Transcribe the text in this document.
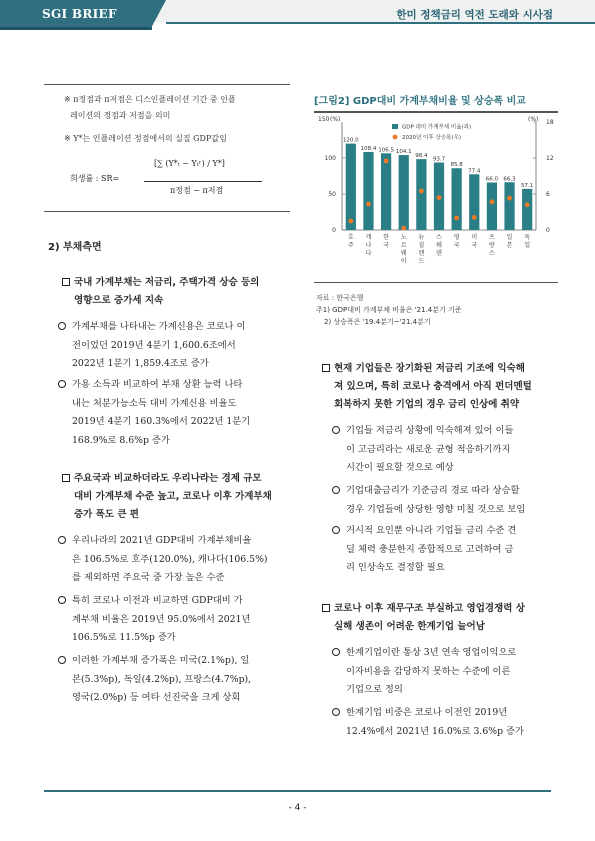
SGI BRIEF	한미 정책금리 역전 도래와 시사점
※ π정점과 π저점은 디스인플레이션 기간 중 인플
레이션의 정점과 저점을 의미
※ Y*는 인플레이션 정점에서의 실질 GDP값임
희생률 : SR=
[∑ (Y*ₜ − Yₜʳ) / Y*]
π정점 − π저점
2) 부채측면
국내 가계부채는 저금리, 주택가격 상승 등의
영향으로 증가세 지속
가계부채를 나타내는 가계신용은 코로나 이
전이었던 2019년 4분기 1,600.6조에서
2022년 1분기 1,859.4조로 증가
가용 소득과 비교하여 부채 상환 능력 나타
내는 처분가능소득 대비 가계신용 비율도
2019년 4분기 160.3%에서 2022년 1분기
168.9%로 8.6%p 증가
주요국과 비교하더라도 우리나라는 경제 규모
대비 가계부채 수준 높고, 코로나 이후 가계부채
증가 폭도 큰 편
우리나라의 2021년 GDP대비 가계부채비율
은 106.5%로 호주(120.0%), 캐나다(106.5%)
를 제외하면 주요국 중 가장 높은 수준
특히 코로나 이전과 비교하면 GDP대비 가
계부채 비율은 2019년 95.0%에서 2021년
106.5%로 11.5%p 증가
이러한 가계부채 증가폭은 미국(2.1%p), 일
본(5.3%p), 독일(4.2%p), 프랑스(4.7%p),
영국(2.0%p) 등 여타 선진국을 크게 상회
[그림2] GDP대비 가계부채비율 및 상승폭 비교
150	(%)
(%)
100
50
0
18
12
6
0
GDP 대비 가계부채 비율(좌)
2020년 이후 상승폭(우)
120.0
호
주
108.4
캐
나
다
106.5
한
국
104.1
노
르
웨
이
98.4
뉴
질
랜
드
93.7
스
웨
덴
85.8
영
국
77.4
미
국
66.0
프
랑
스
66.3
일
본
57.1
독
일
자료 : 한국은행
주1) GDP대비 가계부채 비율은 '21.4분기 기준
2) 상승폭은 '19.4분기~'21.4분기
현재 기업들은 장기화된 저금리 기조에 익숙해
져 있으며, 특히 코로나 충격에서 아직 펀더멘털
회복하지 못한 기업의 경우 금리 인상에 취약
기업들 저금리 상황에 익숙해져 있어 이들
이 고금리라는 새로운 균형 적응하기까지
시간이 필요할 것으로 예상
기업대출금리가 기준금리 경로 따라 상승할
경우 기업들에 상당한 영향 미칠 것으로 보임
거시적 요인뿐 아니라 기업들 금리 수준 견
딜 체력 충분한지 종합적으로 고려하여 금
리 인상속도 결정할 필요
코로나 이후 재무구조 부실하고 영업경쟁력 상
실해 생존이 어려운 한계기업 늘어남
한계기업이란 통상 3년 연속 영업이익으로
이자비용을 감당하지 못하는 수준에 이른
기업으로 정의
한계기업 비중은 코로나 이전인 2019년
12.4%에서 2021년 16.0%로 3.6%p 증가
- 4 -
